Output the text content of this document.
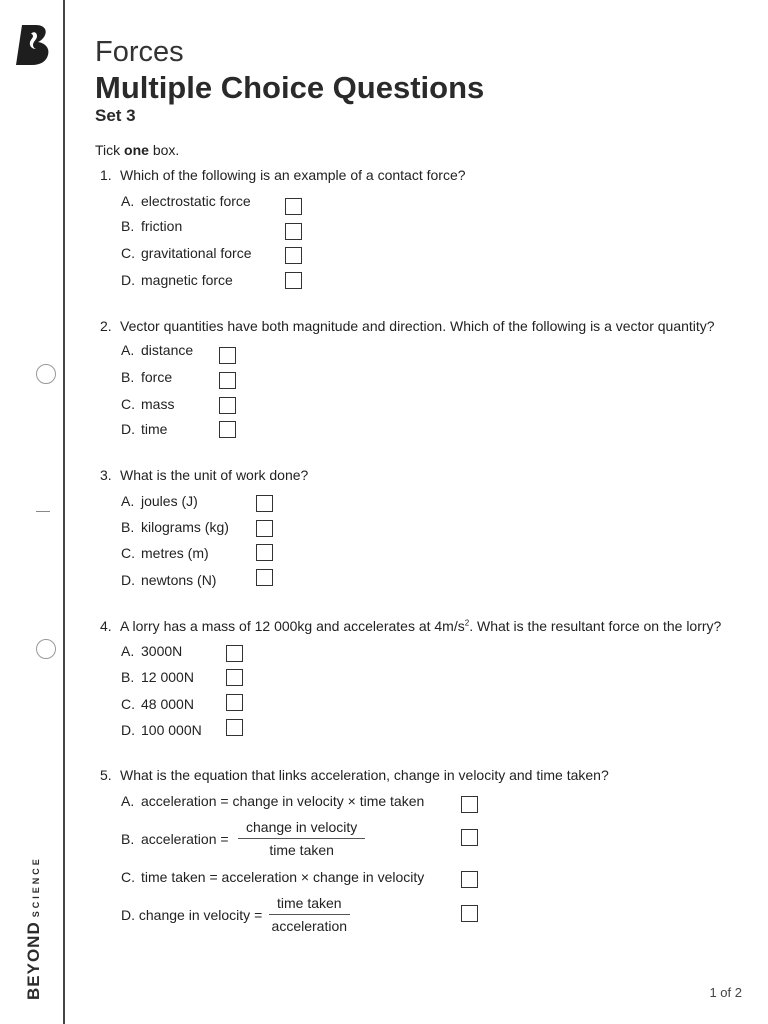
BEYONDSCIENCE
Forces
Multiple Choice Questions
Set 3
Tick one box.
1. Which of the following is an example of a contact force?
A. electrostatic force
B. friction
C. gravitational force
D. magnetic force
2. Vector quantities have both magnitude and direction. Which of the following is a vector quantity?
A. distance
B. force
C. mass
D. time
3. What is the unit of work done?
A. joules (J)
B. kilograms (kg)
C. metres (m)
D. newtons (N)
4. A lorry has a mass of 12 000kg and accelerates at $4m/s^2$. What is the resultant force on the lorry?
A. 3000N
B. 12 000N
C. 48 000N
D. 100 000N
5. What is the equation that links acceleration, change in velocity and time taken?
A. acceleration = change in velocity × time taken
B. acceleration =
change in velocity
time taken
C. time taken = acceleration × change in velocity
D. change in velocity =
time taken
acceleration
1 of 2
